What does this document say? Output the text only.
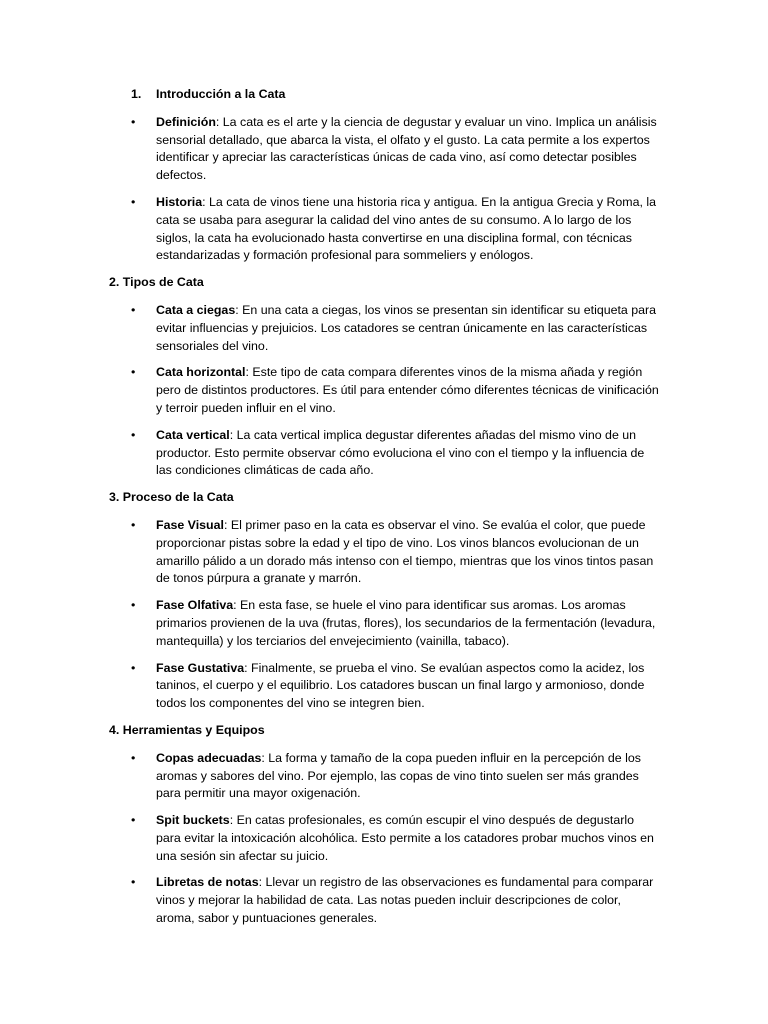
1. Introducción a la Cata
• Definición: La cata es el arte y la ciencia de degustar y evaluar un vino. Implica un análisis sensorial detallado, que abarca la vista, el olfato y el gusto. La cata permite a los expertos identificar y apreciar las características únicas de cada vino, así como detectar posibles defectos.
• Historia: La cata de vinos tiene una historia rica y antigua. En la antigua Grecia y Roma, la cata se usaba para asegurar la calidad del vino antes de su consumo. A lo largo de los siglos, la cata ha evolucionado hasta convertirse en una disciplina formal, con técnicas estandarizadas y formación profesional para sommeliers y enólogos.
2. Tipos de Cata
• Cata a ciegas: En una cata a ciegas, los vinos se presentan sin identificar su etiqueta para evitar influencias y prejuicios. Los catadores se centran únicamente en las características sensoriales del vino.
• Cata horizontal: Este tipo de cata compara diferentes vinos de la misma añada y región pero de distintos productores. Es útil para entender cómo diferentes técnicas de vinificación y terroir pueden influir en el vino.
• Cata vertical: La cata vertical implica degustar diferentes añadas del mismo vino de un productor. Esto permite observar cómo evoluciona el vino con el tiempo y la influencia de las condiciones climáticas de cada año.
3. Proceso de la Cata
• Fase Visual: El primer paso en la cata es observar el vino. Se evalúa el color, que puede proporcionar pistas sobre la edad y el tipo de vino. Los vinos blancos evolucionan de un amarillo pálido a un dorado más intenso con el tiempo, mientras que los vinos tintos pasan de tonos púrpura a granate y marrón.
• Fase Olfativa: En esta fase, se huele el vino para identificar sus aromas. Los aromas primarios provienen de la uva (frutas, flores), los secundarios de la fermentación (levadura, mantequilla) y los terciarios del envejecimiento (vainilla, tabaco).
• Fase Gustativa: Finalmente, se prueba el vino. Se evalúan aspectos como la acidez, los taninos, el cuerpo y el equilibrio. Los catadores buscan un final largo y armonioso, donde todos los componentes del vino se integren bien.
4. Herramientas y Equipos
• Copas adecuadas: La forma y tamaño de la copa pueden influir en la percepción de los aromas y sabores del vino. Por ejemplo, las copas de vino tinto suelen ser más grandes para permitir una mayor oxigenación.
• Spit buckets: En catas profesionales, es común escupir el vino después de degustarlo para evitar la intoxicación alcohólica. Esto permite a los catadores probar muchos vinos en una sesión sin afectar su juicio.
• Libretas de notas: Llevar un registro de las observaciones es fundamental para comparar vinos y mejorar la habilidad de cata. Las notas pueden incluir descripciones de color, aroma, sabor y puntuaciones generales.
